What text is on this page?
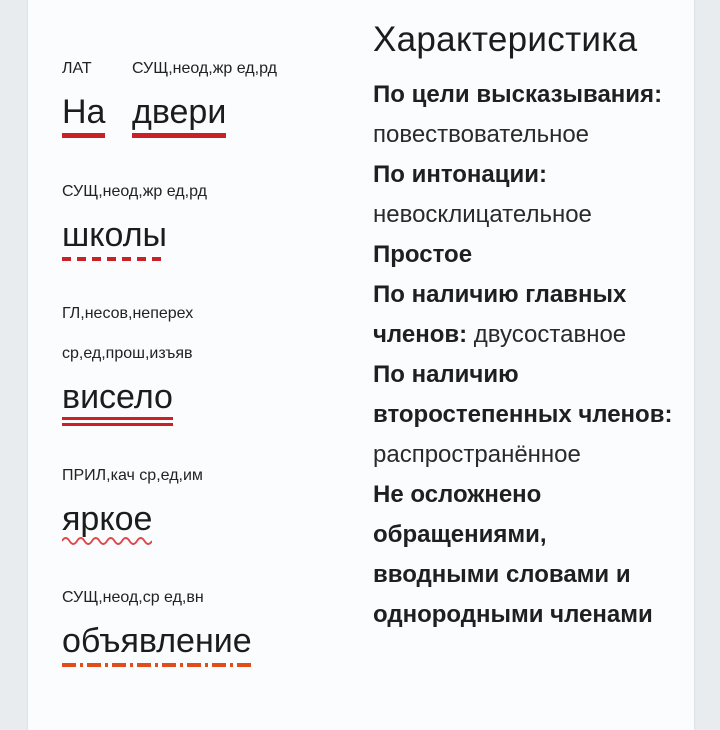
ЛАТ
На
СУЩ,неод,жр ед,рд
двери
СУЩ,неод,жр ед,рд
школы
ГЛ,несов,неперех
ср,ед,прош,изъяв
висело
ПРИЛ,кач ср,ед,им
яркое
СУЩ,неод,ср ед,вн
объявление
Характеристика
По цели высказывания: повествовательное
По интонации: невосклицательное
Простое
По наличию главных членов: двусоставное
По наличию второстепенных членов: распространённое
Не осложнено обращениями, вводными словами и однородными членами
